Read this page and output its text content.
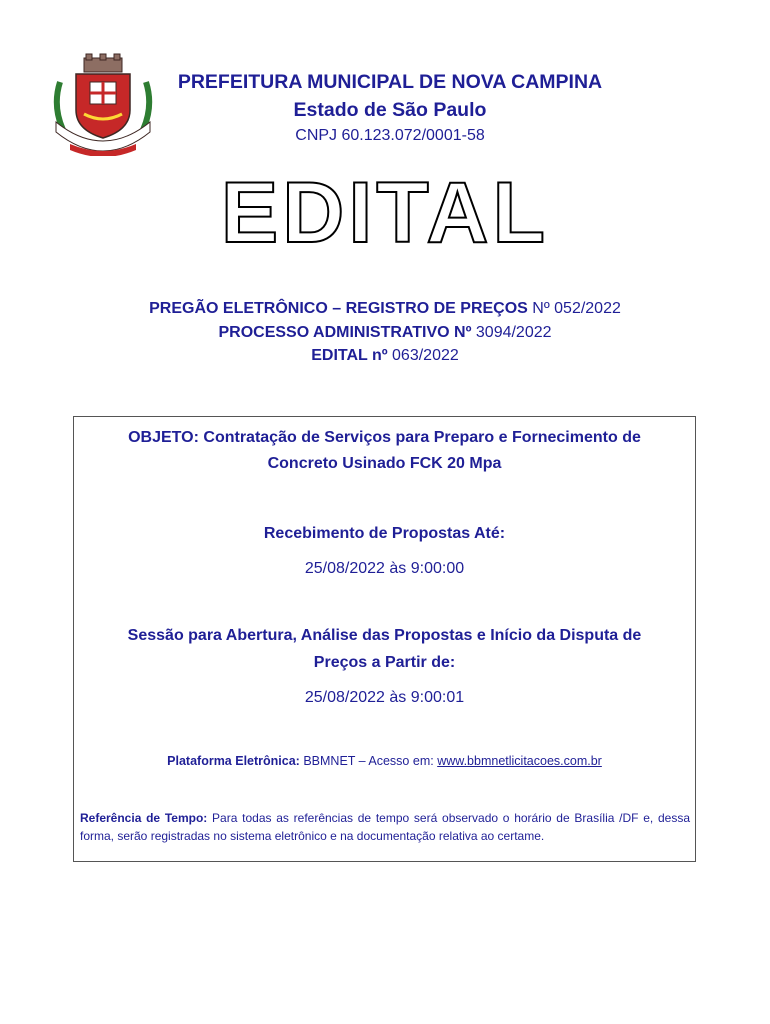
PREFEITURA MUNICIPAL DE NOVA CAMPINA
Estado de São Paulo
CNPJ 60.123.072/0001-58
EDITAL
PREGÃO ELETRÔNICO – REGISTRO DE PREÇOS Nº 052/2022
PROCESSO ADMINISTRATIVO Nº 3094/2022
EDITAL nº 063/2022
OBJETO: Contratação de Serviços para Preparo e Fornecimento de
Concreto Usinado FCK 20 Mpa
Recebimento de Propostas Até:
25/08/2022 às 9:00:00
Sessão para Abertura, Análise das Propostas e Início da Disputa de
Preços a Partir de:
25/08/2022 às 9:00:01
Plataforma Eletrônica: BBMNET – Acesso em: www.bbmnetlicitacoes.com.br
Referência de Tempo: Para todas as referências de tempo será observado o horário de Brasília /DF e, dessa forma, serão registradas no sistema eletrônico e na documentação relativa ao certame.
